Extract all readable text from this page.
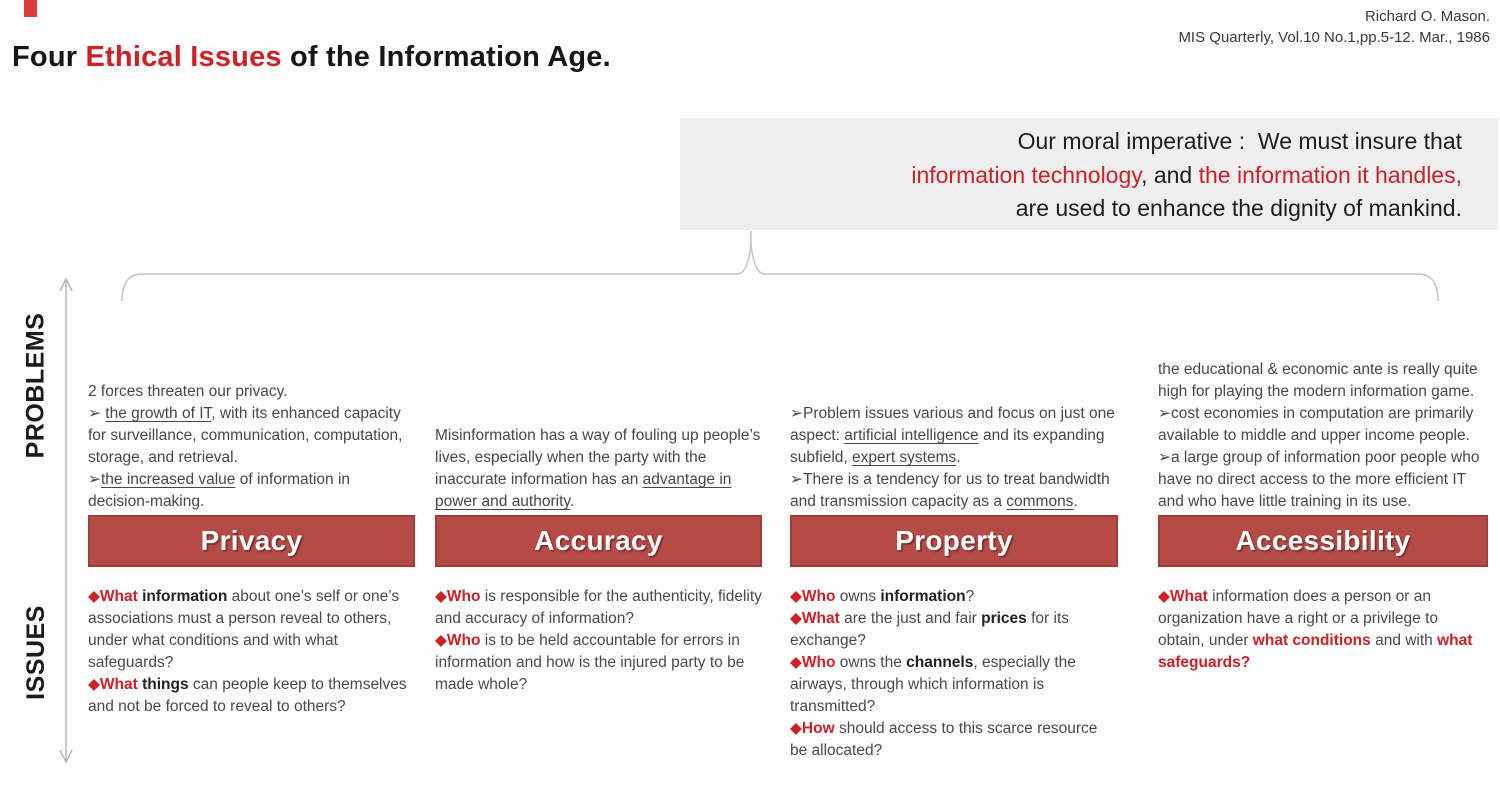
Four Ethical Issues of the Information Age.

Richard O. Mason.
MIS Quarterly, Vol.10 No.1,pp.5-12. Mar., 1986

Our moral imperative :  We must insure that

information technology, and the information it handles,

are used to enhance the dignity of mankind.

PROBLEMS
ISSUES

2 forces threaten our privacy.

➢ the growth of IT, with its enhanced capacity for surveillance, communication, computation, storage, and retrieval.

➢the increased value of information in decision-making.

Privacy

◆What information about one’s self or one’s associations must a person reveal to others, under what conditions and with what safeguards?

◆What things can people keep to themselves and not be forced to reveal to others?

Misinformation has a way of fouling up people’s lives, especially when the party with the inaccurate information has an advantage in power and authority.

Accuracy

◆Who is responsible for the authenticity, fidelity and accuracy of information?

◆Who is to be held accountable for errors in information and how is the injured party to be made whole?

➢Problem issues various and focus on just one aspect: artificial intelligence and its expanding subfield, expert systems.

➢There is a tendency for us to treat bandwidth and transmission capacity as a commons.

Property

◆Who owns information?

◆What are the just and fair prices for its exchange?

◆Who owns the channels, especially the airways, through which information is transmitted?

◆How should access to this scarce resource be allocated?

the educational & economic ante is really quite high for playing the modern information game.

➢cost economies in computation are primarily available to middle and upper income people.

➢a large group of information poor people who have no direct access to the more efficient IT and who have little training in its use.

Accessibility

◆What information does a person or an organization have a right or a privilege to obtain, under what conditions and with what safeguards?
